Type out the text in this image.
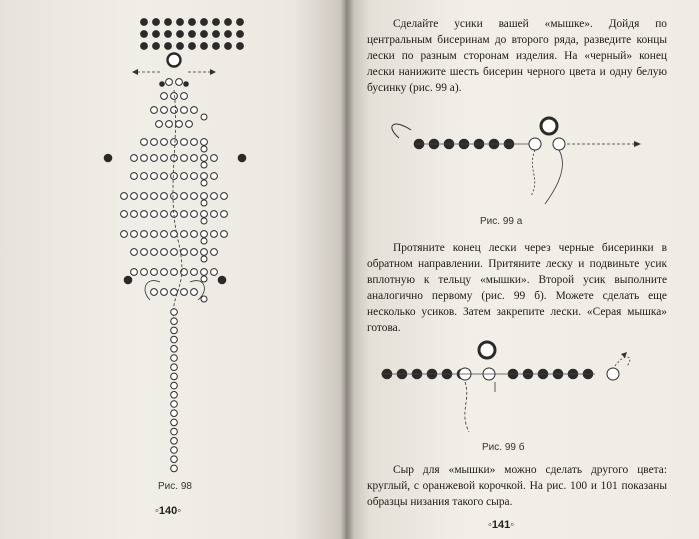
Рис. 98
◦140◦

Сделайте усики вашей «мышке». Дойдя по центральным бисеринам до второго ряда, разведите концы лески по разным сторонам изделия. На «черный» конец лески нанижите шесть бисерин черного цвета и одну белую бусинку (рис. 99 а).

Рис. 99 а

Протяните конец лески через черные бисеринки в обратном направлении. Притяните леску и подвиньте усик вплотную к тельцу «мышки». Второй усик выполните аналогично первому (рис. 99 б). Можете сделать еще несколько усиков. Затем закрепите лески. «Серая мышка» готова.

Рис. 99 б

Сыр для «мышки» можно сделать другого цвета: круглый, с оранжевой корочкой. На рис. 100 и 101 показаны образцы низания такого сыра.

◦141◦
